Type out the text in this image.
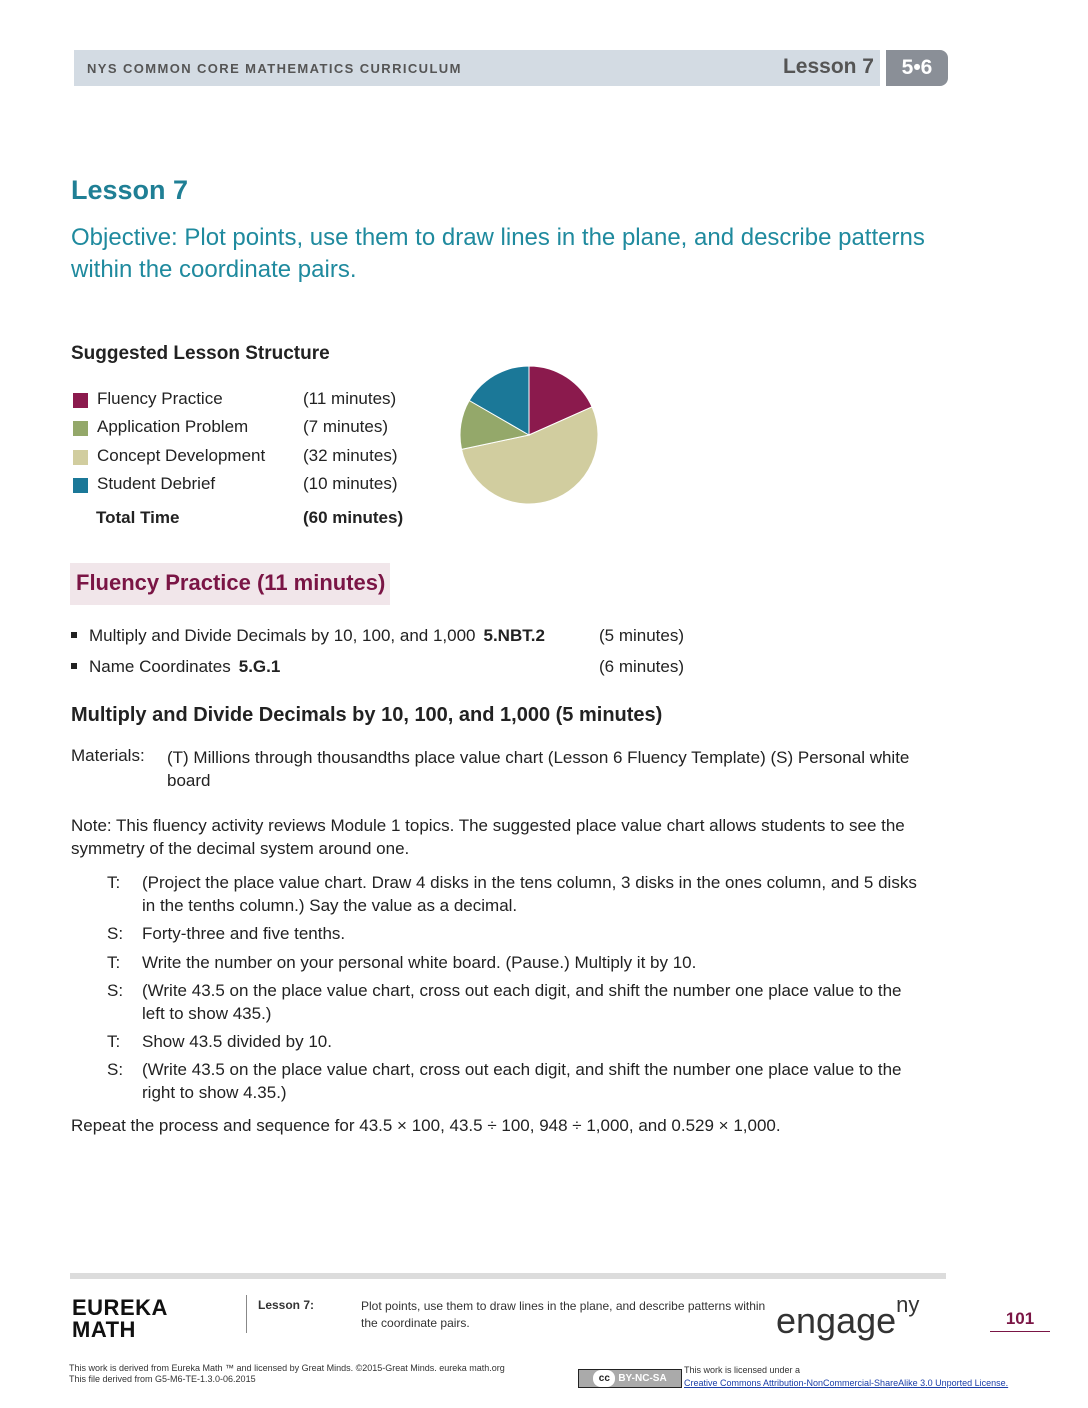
NYS COMMON CORE MATHEMATICS CURRICULUM	Lesson 7	5•6
Lesson 7
Objective: Plot points, use them to draw lines in the plane, and describe patterns within the coordinate pairs.
Suggested Lesson Structure
Fluency Practice	(11 minutes)
Application Problem	(7 minutes)
Concept Development (32 minutes)
Student Debrief	(10 minutes)
Total Time	(60 minutes)
Fluency Practice (11 minutes)
Multiply and Divide Decimals by 10, 100, and 1,000 5.NBT.2	(5 minutes)
Name Coordinates 5.G.1	(6 minutes)
Multiply and Divide Decimals by 10, 100, and 1,000 (5 minutes)
Materials: (T) Millions through thousandths place value chart (Lesson 6 Fluency Template) (S) Personal white board
Note: This fluency activity reviews Module 1 topics. The suggested place value chart allows students to see the symmetry of the decimal system around one.
T: (Project the place value chart. Draw 4 disks in the tens column, 3 disks in the ones column, and 5 disks in the tenths column.) Say the value as a decimal.
S: Forty-three and five tenths.
T: Write the number on your personal white board. (Pause.) Multiply it by 10.
S: (Write 43.5 on the place value chart, cross out each digit, and shift the number one place value to the left to show 435.)
T: Show 43.5 divided by 10.
S: (Write 43.5 on the place value chart, cross out each digit, and shift the number one place value to the right to show 4.35.)
Repeat the process and sequence for 43.5 × 100, 43.5 ÷ 100, 948 ÷ 1,000, and 0.529 × 1,000.
EUREKA
MATH
Lesson 7:	Plot points, use them to draw lines in the plane, and describe patterns within the coordinate pairs.	engage$^{ny}$
101
This work is derived from Eureka Math ™ and licensed by Great Minds. ©2015-Great Minds. eureka math.org
This file derived from G5-M6-TE-1.3.0-06.2015	cc BY-NC-SA
This work is licensed under a
Creative Commons Attribution-NonCommercial-ShareAlike 3.0 Unported License.
